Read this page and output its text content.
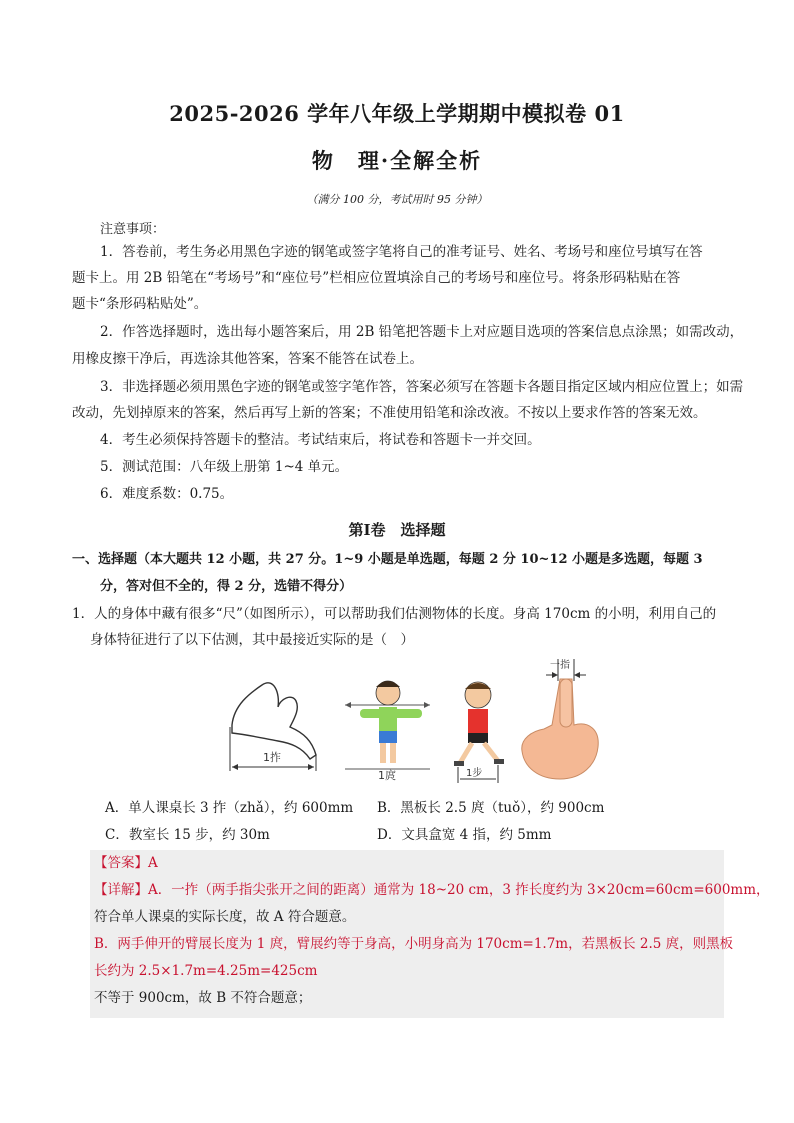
2025-2026 学年八年级上学期期中模拟卷 01
物　理·全解全析
（满分 100 分，考试用时 95 分钟）
注意事项：
1．答卷前，考生务必用黑色字迹的钢笔或签字笔将自己的准考证号、姓名、考场号和座位号填写在答
题卡上。用 2B 铅笔在“考场号”和“座位号”栏相应位置填涂自己的考场号和座位号。将条形码粘贴在答
题卡“条形码粘贴处”。
2．作答选择题时，选出每小题答案后，用 2B 铅笔把答题卡上对应题目选项的答案信息点涂黑；如需改动，
用橡皮擦干净后，再选涂其他答案，答案不能答在试卷上。
3．非选择题必须用黑色字迹的钢笔或签字笔作答，答案必须写在答题卡各题目指定区域内相应位置上；如需
改动，先划掉原来的答案，然后再写上新的答案；不准使用铅笔和涂改液。不按以上要求作答的答案无效。
4．考生必须保持答题卡的整洁。考试结束后，将试卷和答题卡一并交回。
5．测试范围：八年级上册第 1~4 单元。
6．难度系数：0.75。
第Ⅰ卷　选择题
一、选择题（本大题共 12 小题，共 27 分。1~9 小题是单选题，每题 2 分 10~12 小题是多选题，每题 3
分，答对但不全的，得 2 分，选错不得分）
1．人的身体中藏有很多“尺”（如图所示），可以帮助我们估测物体的长度。身高 170cm 的小明，利用自己的
身体特征进行了以下估测，其中最接近实际的是（　）
1拃
1庹	1步
一指
A．单人课桌长 3 拃（zhǎ），约 600mm B．黑板长 2.5 庹（tuǒ），约 900cm
C．教室长 15 步，约 30m	D．文具盒宽 4 指，约 5mm
【答案】A
【详解】A．一拃（两手指尖张开之间的距离）通常为 18~20 cm，3 拃长度约为 3×20cm=60cm=600mm，
符合单人课桌的实际长度，故 A 符合题意。
B．两手伸开的臂展长度为 1 庹，臂展约等于身高，小明身高为 170cm=1.7m，若黑板长 2.5 庹，则黑板
长约为 2.5×1.7m=4.25m=425cm
不等于 900cm，故 B 不符合题意；
